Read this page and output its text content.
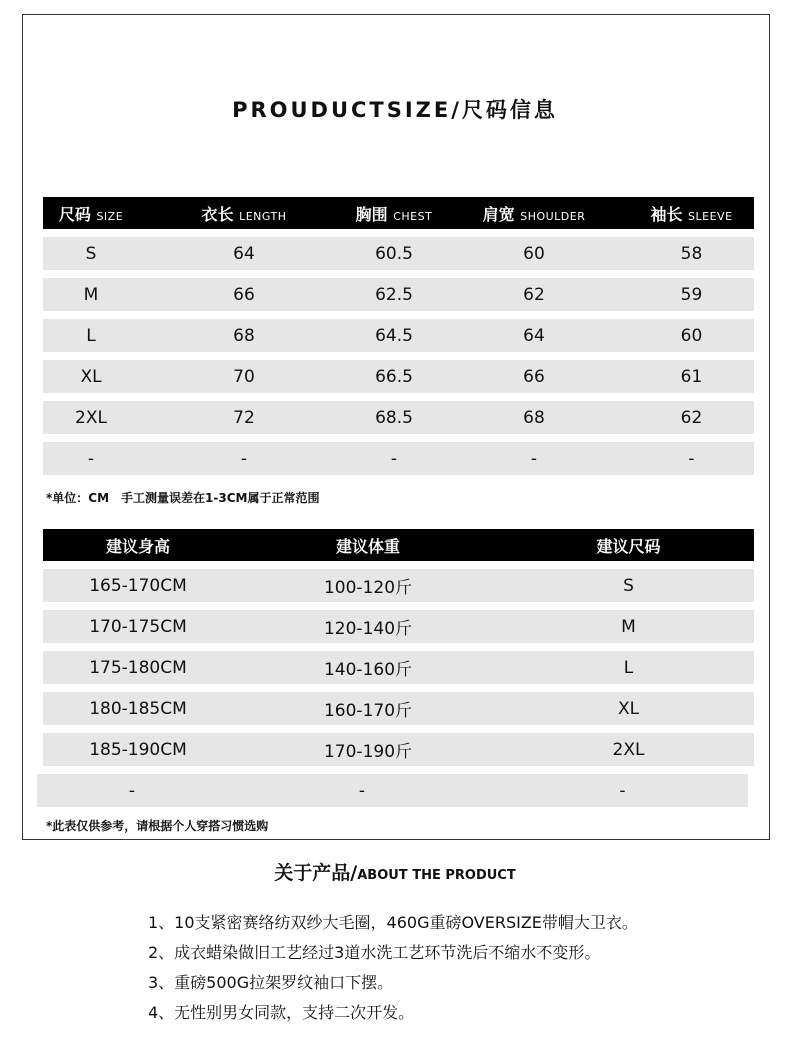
PROUDUCTSIZE/尺码信息
尺码 SIZE	衣长 LENGTH	胸围 CHEST	肩宽 SHOULDER	袖长 SLEEVE
S	64	60.5	60	58
M	66	62.5	62	59
L	68	64.5	64	60
XL	70	66.5	66	61
2XL	72	68.5	68	62
-	-	-	-	-
*单位：CM　手工测量误差在1-3CM属于正常范围
建议身高	建议体重	建议尺码
165-170CM	100-120斤	S
170-175CM	120-140斤	M
175-180CM	140-160斤	L
180-185CM	160-170斤	XL
185-190CM	170-190斤	2XL
-	-	-
*此表仅供参考，请根据个人穿搭习惯选购
关于产品/ABOUT THE PRODUCT
1、10支紧密赛络纺双纱大毛圈，460G重磅OVERSIZE带帽大卫衣。
2、成衣蜡染做旧工艺经过3道水洗工艺环节洗后不缩水不变形。
3、重磅500G拉架罗纹袖口下摆。
4、无性别男女同款，支持二次开发。
